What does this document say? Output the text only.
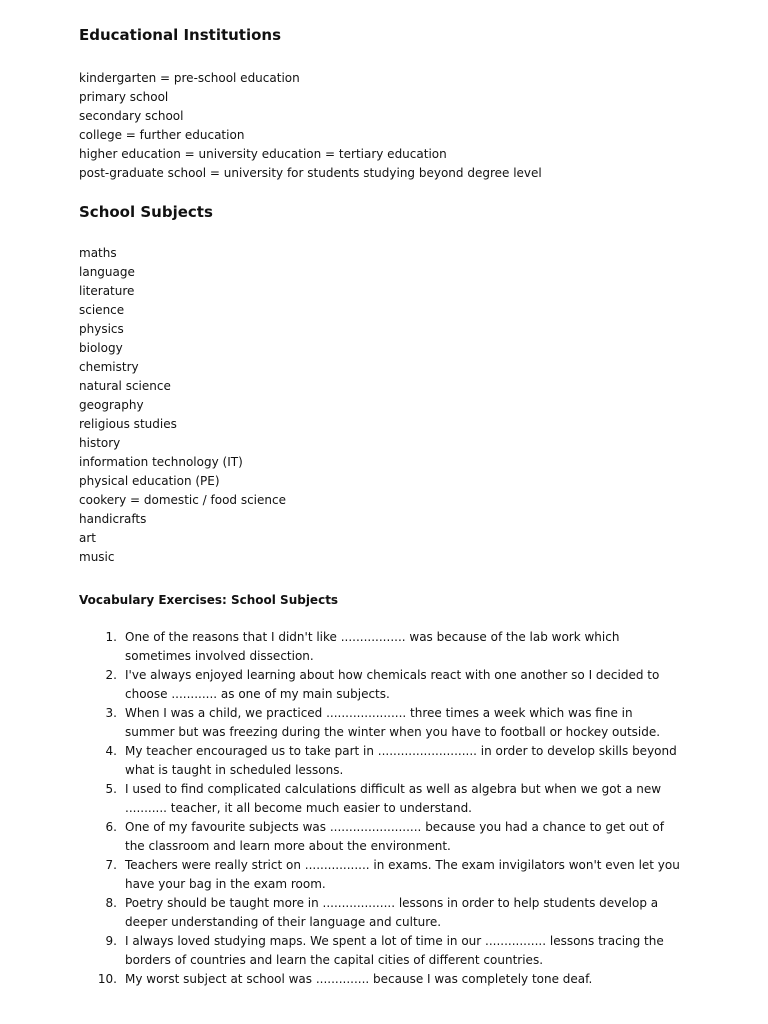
Educational Institutions
kindergarten = pre-school education
primary school
secondary school
college = further education
higher education = university education = tertiary education
post-graduate school = university for students studying beyond degree level
School Subjects
maths
language
literature
science
physics
biology
chemistry
natural science
geography
religious studies
history
information technology (IT)
physical education (PE)
cookery = domestic / food science
handicrafts
art
music
Vocabulary Exercises: School Subjects
1. One of the reasons that I didn't like ................. was because of the lab work which sometimes involved dissection.
2. I've always enjoyed learning about how chemicals react with one another so I decided to choose ............ as one of my main subjects.
3. When I was a child, we practiced ..................... three times a week which was fine in summer but was freezing during the winter when you have to football or hockey outside.
4. My teacher encouraged us to take part in .......................... in order to develop skills beyond what is taught in scheduled lessons.
5. I used to find complicated calculations difficult as well as algebra but when we got a new ........... teacher, it all become much easier to understand.
6. One of my favourite subjects was ........................ because you had a chance to get out of the classroom and learn more about the environment.
7. Teachers were really strict on ................. in exams. The exam invigilators won't even let you have your bag in the exam room.
8. Poetry should be taught more in ................... lessons in order to help students develop a deeper understanding of their language and culture.
9. I always loved studying maps. We spent a lot of time in our ................ lessons tracing the borders of countries and learn the capital cities of different countries.
10. My worst subject at school was .............. because I was completely tone deaf.
